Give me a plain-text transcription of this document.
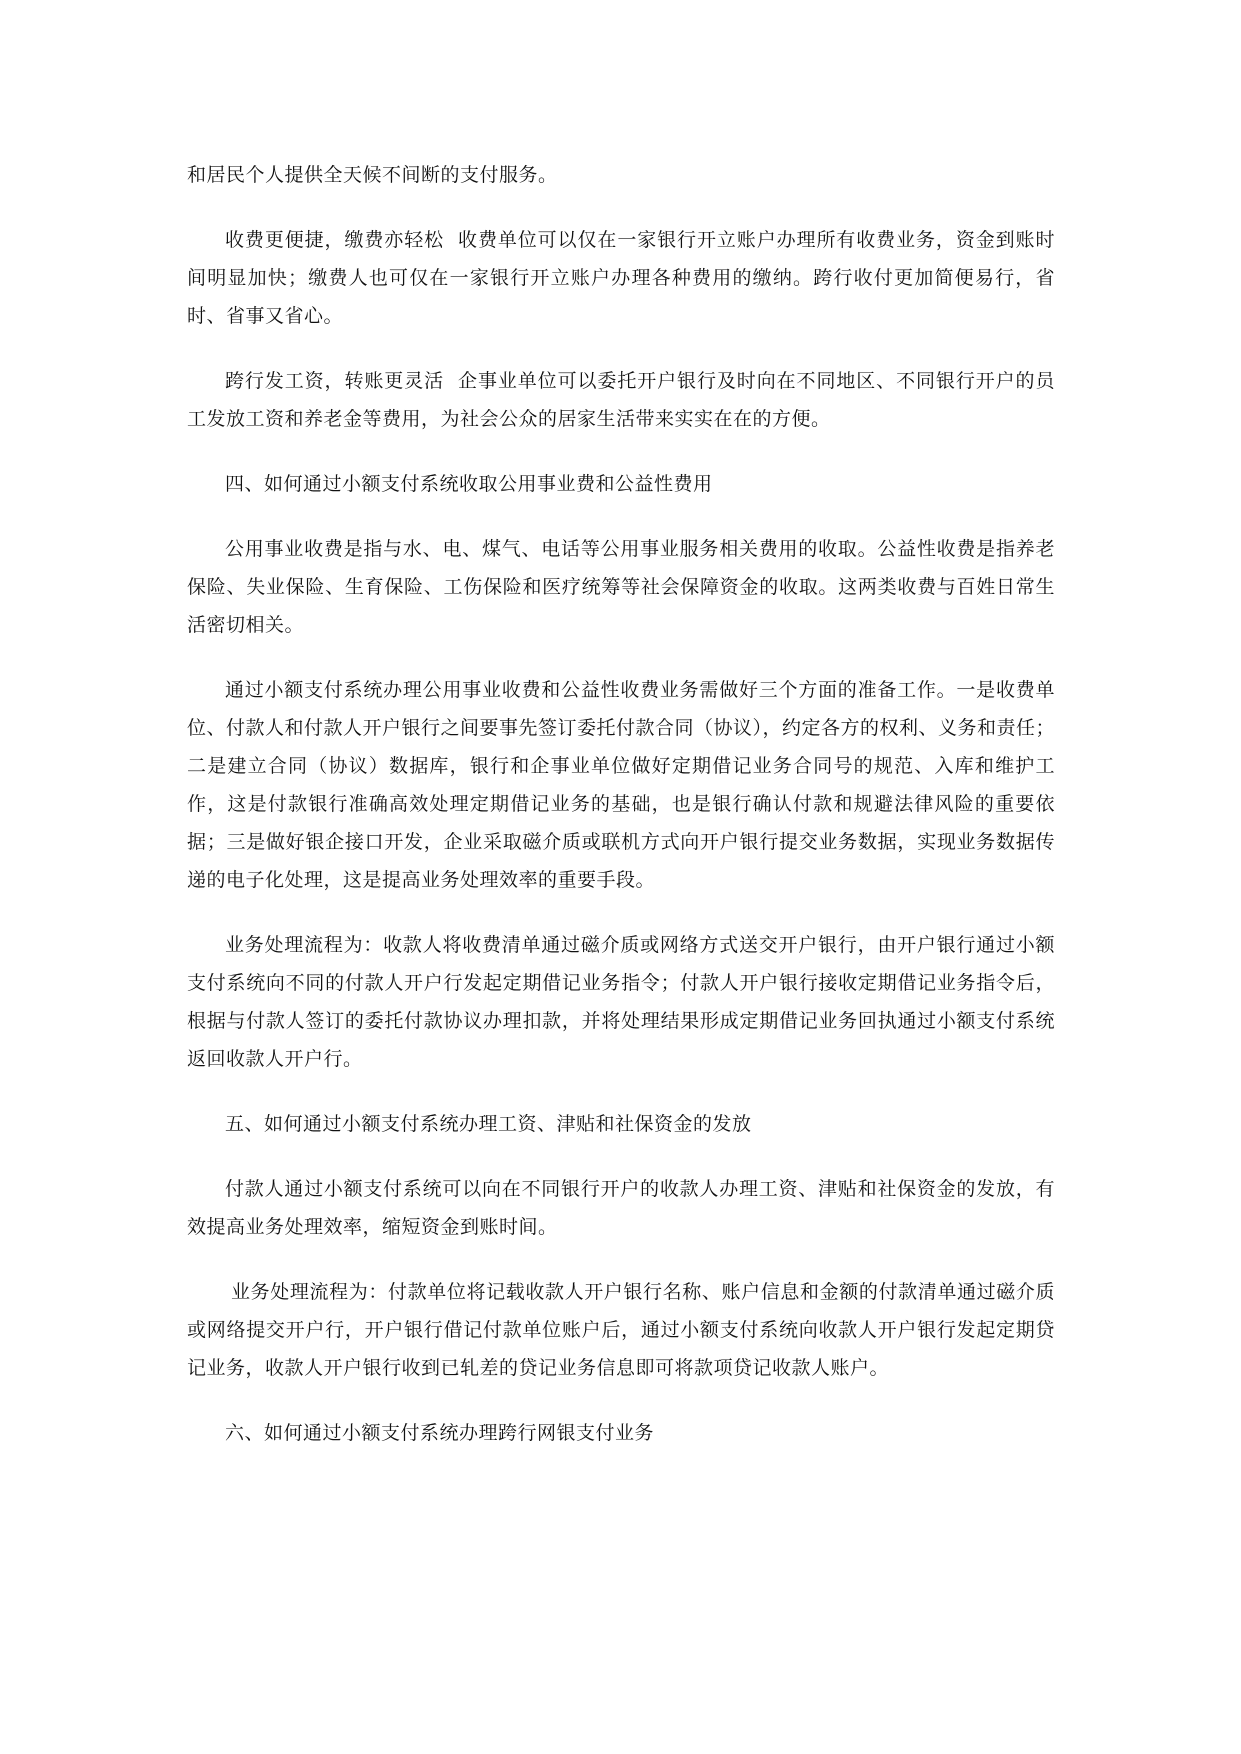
和居民个人提供全天候不间断的支付服务。

收费更便捷，缴费亦轻松 收费单位可以仅在一家银行开立账户办理所有收费业务，资金到账时间明显加快；缴费人也可仅在一家银行开立账户办理各种费用的缴纳。跨行收付更加简便易行，省时、省事又省心。

跨行发工资，转账更灵活 企事业单位可以委托开户银行及时向在不同地区、不同银行开户的员工发放工资和养老金等费用，为社会公众的居家生活带来实实在在的方便。

四、如何通过小额支付系统收取公用事业费和公益性费用

公用事业收费是指与水、电、煤气、电话等公用事业服务相关费用的收取。公益性收费是指养老保险、失业保险、生育保险、工伤保险和医疗统筹等社会保障资金的收取。这两类收费与百姓日常生活密切相关。

通过小额支付系统办理公用事业收费和公益性收费业务需做好三个方面的准备工作。一是收费单位、付款人和付款人开户银行之间要事先签订委托付款合同（协议），约定各方的权利、义务和责任；二是建立合同（协议）数据库，银行和企事业单位做好定期借记业务合同号的规范、入库和维护工作，这是付款银行准确高效处理定期借记业务的基础，也是银行确认付款和规避法律风险的重要依据；三是做好银企接口开发，企业采取磁介质或联机方式向开户银行提交业务数据，实现业务数据传递的电子化处理，这是提高业务处理效率的重要手段。

业务处理流程为：收款人将收费清单通过磁介质或网络方式送交开户银行，由开户银行通过小额支付系统向不同的付款人开户行发起定期借记业务指令；付款人开户银行接收定期借记业务指令后，根据与付款人签订的委托付款协议办理扣款，并将处理结果形成定期借记业务回执通过小额支付系统返回收款人开户行。

五、如何通过小额支付系统办理工资、津贴和社保资金的发放

付款人通过小额支付系统可以向在不同银行开户的收款人办理工资、津贴和社保资金的发放，有效提高业务处理效率，缩短资金到账时间。

业务处理流程为：付款单位将记载收款人开户银行名称、账户信息和金额的付款清单通过磁介质或网络提交开户行，开户银行借记付款单位账户后，通过小额支付系统向收款人开户银行发起定期贷记业务，收款人开户银行收到已轧差的贷记业务信息即可将款项贷记收款人账户。

六、如何通过小额支付系统办理跨行网银支付业务
